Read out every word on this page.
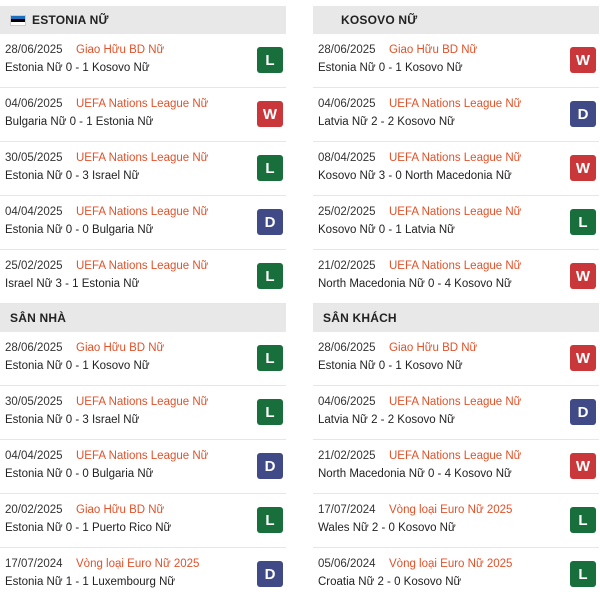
ESTONIA NỮ
28/06/2025 Giao Hữu BD Nữ
Estonia Nữ 0 - 1 Kosovo Nữ	L
04/06/2025 UEFA Nations League Nữ
Bulgaria Nữ 0 - 1 Estonia Nữ	W
30/05/2025 UEFA Nations League Nữ
Estonia Nữ 0 - 3 Israel Nữ	L
04/04/2025 UEFA Nations League Nữ
Estonia Nữ 0 - 0 Bulgaria Nữ	D
25/02/2025 UEFA Nations League Nữ
Israel Nữ 3 - 1 Estonia Nữ	L
KOSOVO NỮ
28/06/2025 Giao Hữu BD Nữ
Estonia Nữ 0 - 1 Kosovo Nữ	W
04/06/2025 UEFA Nations League Nữ
Latvia Nữ 2 - 2 Kosovo Nữ	D
08/04/2025 UEFA Nations League Nữ
Kosovo Nữ 3 - 0 North Macedonia Nữ	W
25/02/2025 UEFA Nations League Nữ
Kosovo Nữ 0 - 1 Latvia Nữ	L
21/02/2025 UEFA Nations League Nữ
North Macedonia Nữ 0 - 4 Kosovo Nữ	W
SÂN NHÀ
28/06/2025 Giao Hữu BD Nữ
Estonia Nữ 0 - 1 Kosovo Nữ	L
30/05/2025 UEFA Nations League Nữ
Estonia Nữ 0 - 3 Israel Nữ	L
04/04/2025 UEFA Nations League Nữ
Estonia Nữ 0 - 0 Bulgaria Nữ	D
20/02/2025 Giao Hữu BD Nữ
Estonia Nữ 0 - 1 Puerto Rico Nữ	L
17/07/2024 Vòng loại Euro Nữ 2025
Estonia Nữ 1 - 1 Luxembourg Nữ	D
SÂN KHÁCH
28/06/2025 Giao Hữu BD Nữ
Estonia Nữ 0 - 1 Kosovo Nữ	W
04/06/2025 UEFA Nations League Nữ
Latvia Nữ 2 - 2 Kosovo Nữ	D
21/02/2025 UEFA Nations League Nữ
North Macedonia Nữ 0 - 4 Kosovo Nữ	W
17/07/2024 Vòng loại Euro Nữ 2025
Wales Nữ 2 - 0 Kosovo Nữ	L
05/06/2024 Vòng loại Euro Nữ 2025
Croatia Nữ 2 - 0 Kosovo Nữ	L
